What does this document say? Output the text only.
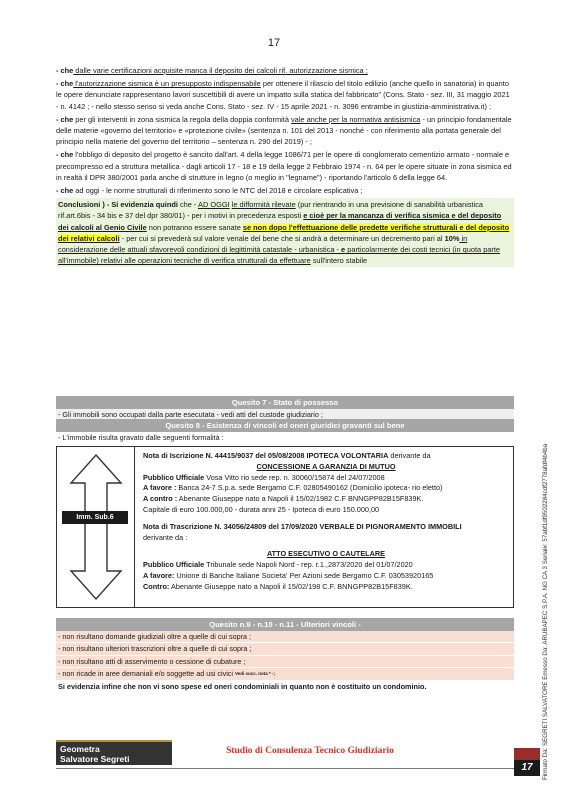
17

- che dalle varie certificazioni acquisite manca il deposito dei calcoli rif. autorizzazione sismica ;

- che l'autorizzazione sismica è un presupposto indispensabile per ottenere il rilascio del titolo edilizio (anche quello in sanatoria) in quanto le opere denunciate rappresentano lavori suscettibili di avere un impatto sulla statica del fabbricato" (Cons. Stato - sez. III, 31 maggio 2021 - n. 4142 ; - nello stesso senso si veda anche Cons. Stato - sez. IV - 15 aprile 2021 - n. 3096 entrambe in giustizia-amministrativa.it) ;

- che per gli interventi in zona sismica la regola della doppia conformità vale anche per la normativa antisismica - un principio fondamentale delle materie «governo del territorio» e «protezione civile» (sentenza n. 101 del 2013 - nonché - con riferimento alla portata generale del principio nella materie del governo del territorio – sentenza n. 290 del 2019) - ;

- che l'obbligo di deposito del progetto è sancito dall'art. 4 della legge 1086/71 per le opere di conglomerato cementizio armato - normale e precompresso ed a struttura metallica - dagli articoli 17 - 18 e 19 della legge 2 Febbraio 1974 - n. 64 per le opere situate in zona sismica ed in realtà il DPR 380/2001 parla anche di strutture in legno (o meglio in "legname") - riportando l'articolo 6 della legge 64.

- che ad oggi - le norme strutturali di riferimento sono le NTC del 2018 e circolare esplicativa ;

Conclusioni ) - Si evidenzia quindi che - AD OGGI le difformità rilevate (pur rientrando in una previsione di sanabilità urbanistica rif.art.6bis - 34 bis e 37 del dpr 380/01) - per i motivi in precedenza esposti e cioè per la mancanza di verifica sismica e del deposito dei calcoli al Genio Civile non potranno essere sanate se non dopo l'effettuazione delle predette verifiche strutturali e del deposito dei relativi calcoli - per cui si prevederà sul valore venale del bene che si andrà a determinare un decremento pari al 10% in considerazione delle attuali sfavorevoli condizioni di legittimità catastale - urbanistica - e particolarmente dei costi tecnici (in quota parte all'immobile) relativi alle operazioni tecniche di verifica strutturali da effettuare sull'intero stabile

Quesito 7 - Stato di possesso
- Gli immobili sono occupati dalla parte esecutata - vedi atti del custode giudiziario ;
Quesito 8 - Esistenza di vincoli ed oneri giuridici gravanti sul bene
- L'immobile risulta gravato dalle seguenti formalità :
Imm. Sub.6

Nota di Iscrizione N. 44415/9037 del 05/08/2008 IPOTECA VOLONTARIA derivante da

CONCESSIONE A GARANZIA DI MUTUO

Pubblico Ufficiale Vosa Vitto rio sede rep. n. 30060/15874 del 24/07/2008

A favore : Banca 24-7 S.p.a. sede Bergamo C.F. 02805490162 (Domicilio ipoteca- rio eletto)

A contro : Abenante Giuseppe nato a Napoli il 15/02/1982 C.F BNNGPP82B15F839K.

Capitale di euro 100.000,00 - durata anni 25 - Ipoteca di euro 150.000,00

Nota di Trascrizione N. 34056/24809 del 17/09/2020 VERBALE DI PIGNORAMENTO IMMOBILI

derivante da :

ATTO ESECUTIVO O CAUTELARE

Pubblico Ufficiale Tribunale sede Napoli Nord - rep. r.1.,2873/2020 del 01/07/2020

A favore: Unione di Banche Italiane Societa' Per Azioni sede Bergamo C.F. 03053920165

Contro: Abenante Giuseppe nato a Napoli il 15/02/198 C.F. BNNGPP82B15F839K.

Quesito n.9 - n.10 - n.11 - Ulteriori vincoli -
- non risultano domande giudiziali oltre a quelle di cui sopra ;
- non risultano ulteriori trascrizioni oltre a quelle di cui sopra ;
- non risultano atti di asservimento o cessione di cubature ;
- non ricade in aree demaniali e/o soggette ad usi civici Vedi succ. nota * -;
Si evidenzia infine che non vi sono spese ed oneri condominiali in quanto non è costituito un condominio.
Geometra
Salvatore Segreti
Studio di Consulenza Tecnico Giudiziario
17	Firmato Da: SEGRETI SALVATORE Emesso Da: ARUBAPEC S.P.A. NG CA 3 Serial#: 57abf1df9502284cdf2778afdf4b4ba
